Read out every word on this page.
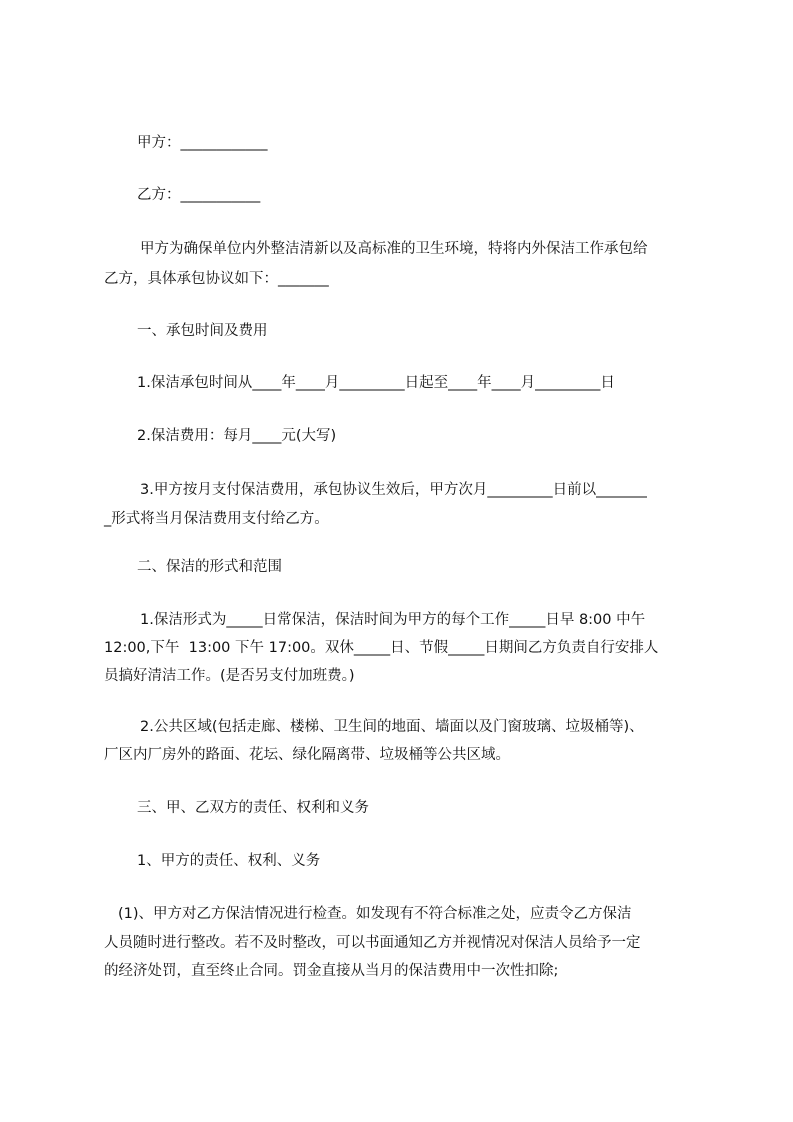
甲方：____________
乙方：___________
甲方为确保单位内外整洁清新以及高标准的卫生环境，特将内外保洁工作承包给
乙方，具体承包协议如下：_______
一、承包时间及费用
1.保洁承包时间从____年____月_________日起至____年____月_________日
2.保洁费用：每月____元(大写)
3.甲方按月支付保洁费用，承包协议生效后，甲方次月_________日前以_______
_形式将当月保洁费用支付给乙方。
二、保洁的形式和范围
1.保洁形式为_____日常保洁，保洁时间为甲方的每个工作_____日早 8:00 中午
12:00,下午  13:00 下午 17:00。双休_____日、节假_____日期间乙方负责自行安排人
员搞好清洁工作。(是否另支付加班费。)
2.公共区域(包括走廊、楼梯、卫生间的地面、墙面以及门窗玻璃、垃圾桶等)、
厂区内厂房外的路面、花坛、绿化隔离带、垃圾桶等公共区域。
三、甲、乙双方的责任、权利和义务
1、甲方的责任、权利、义务
(1)、甲方对乙方保洁情况进行检查。如发现有不符合标准之处，应责令乙方保洁
人员随时进行整改。若不及时整改，可以书面通知乙方并视情况对保洁人员给予一定
的经济处罚，直至终止合同。罚金直接从当月的保洁费用中一次性扣除;
